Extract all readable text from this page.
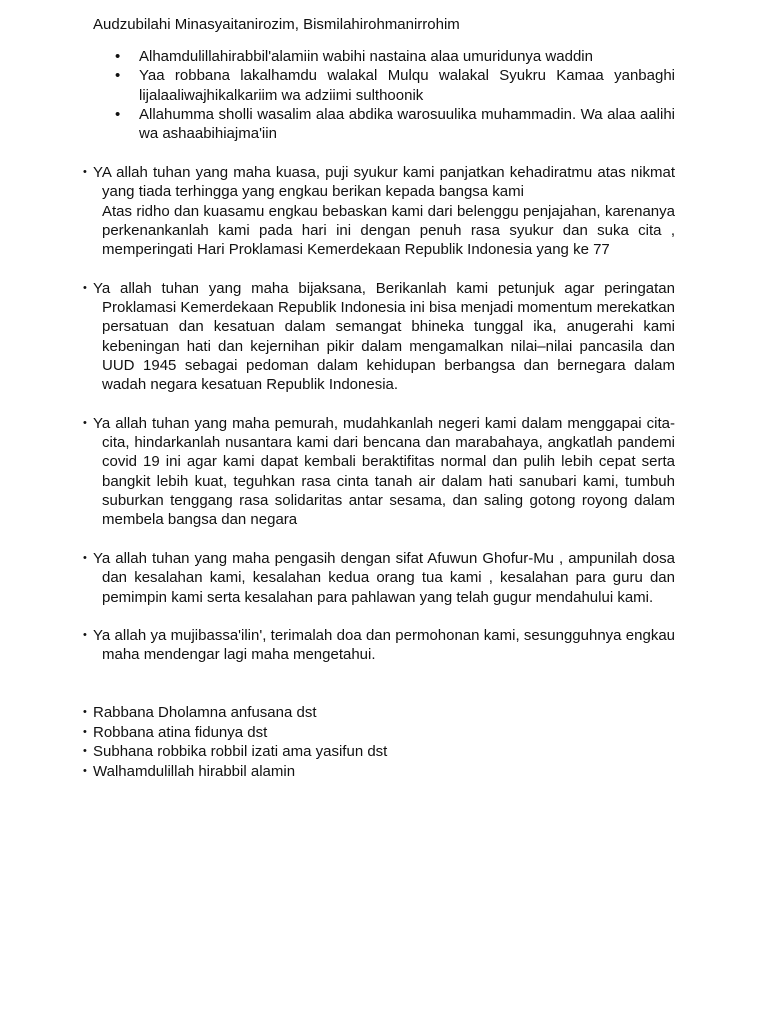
Audzubilahi Minasyaitanirozim, Bismilahirohmanirrohim
• Alhamdulillahirabbil'alamiin wabihi nastaina alaa umuridunya waddin
• Yaa robbana lakalhamdu walakal Mulqu walakal Syukru Kamaa yanbaghi lijalaaliwajhikalkariim wa adziimi sulthoonik
• Allahumma sholli wasalim alaa abdika warosuulika muhammadin. Wa alaa aalihi wa ashaabihiajma'iin
• YA allah tuhan yang maha kuasa, puji syukur kami panjatkan kehadiratmu atas nikmat yang tiada terhingga yang engkau berikan kepada bangsa kami

Atas ridho dan kuasamu engkau bebaskan kami dari belenggu penjajahan, karenanya perkenankanlah kami pada hari ini dengan penuh rasa syukur dan suka cita , memperingati Hari Proklamasi Kemerdekaan Republik Indonesia yang ke 77

• Ya allah tuhan yang maha bijaksana, Berikanlah kami petunjuk agar peringatan Proklamasi Kemerdekaan Republik Indonesia ini bisa menjadi momentum merekatkan persatuan dan kesatuan dalam semangat bhineka tunggal ika, anugerahi kami kebeningan hati dan kejernihan pikir dalam mengamalkan nilai–nilai pancasila dan UUD 1945 sebagai pedoman dalam kehidupan berbangsa dan bernegara dalam wadah negara kesatuan Republik Indonesia.

• Ya allah tuhan yang maha pemurah, mudahkanlah negeri kami dalam menggapai cita-cita, hindarkanlah nusantara kami dari bencana dan marabahaya, angkatlah pandemi covid 19 ini agar kami dapat kembali beraktifitas normal dan pulih lebih cepat serta bangkit lebih kuat, teguhkan rasa cinta tanah air dalam hati sanubari kami, tumbuh suburkan tenggang rasa solidaritas antar sesama, dan saling gotong royong dalam membela bangsa dan negara

• Ya allah tuhan yang maha pengasih dengan sifat Afuwun Ghofur-Mu , ampunilah dosa dan kesalahan kami, kesalahan kedua orang tua kami , kesalahan para guru dan pemimpin kami serta kesalahan para pahlawan yang telah gugur mendahului kami.

• Ya allah ya mujibassa'ilin', terimalah doa dan permohonan kami, sesungguhnya engkau maha mendengar lagi maha mengetahui.

• Rabbana Dholamna anfusana dst
• Robbana atina fidunya dst
• Subhana robbika robbil izati ama yasifun dst
• Walhamdulillah hirabbil alamin
